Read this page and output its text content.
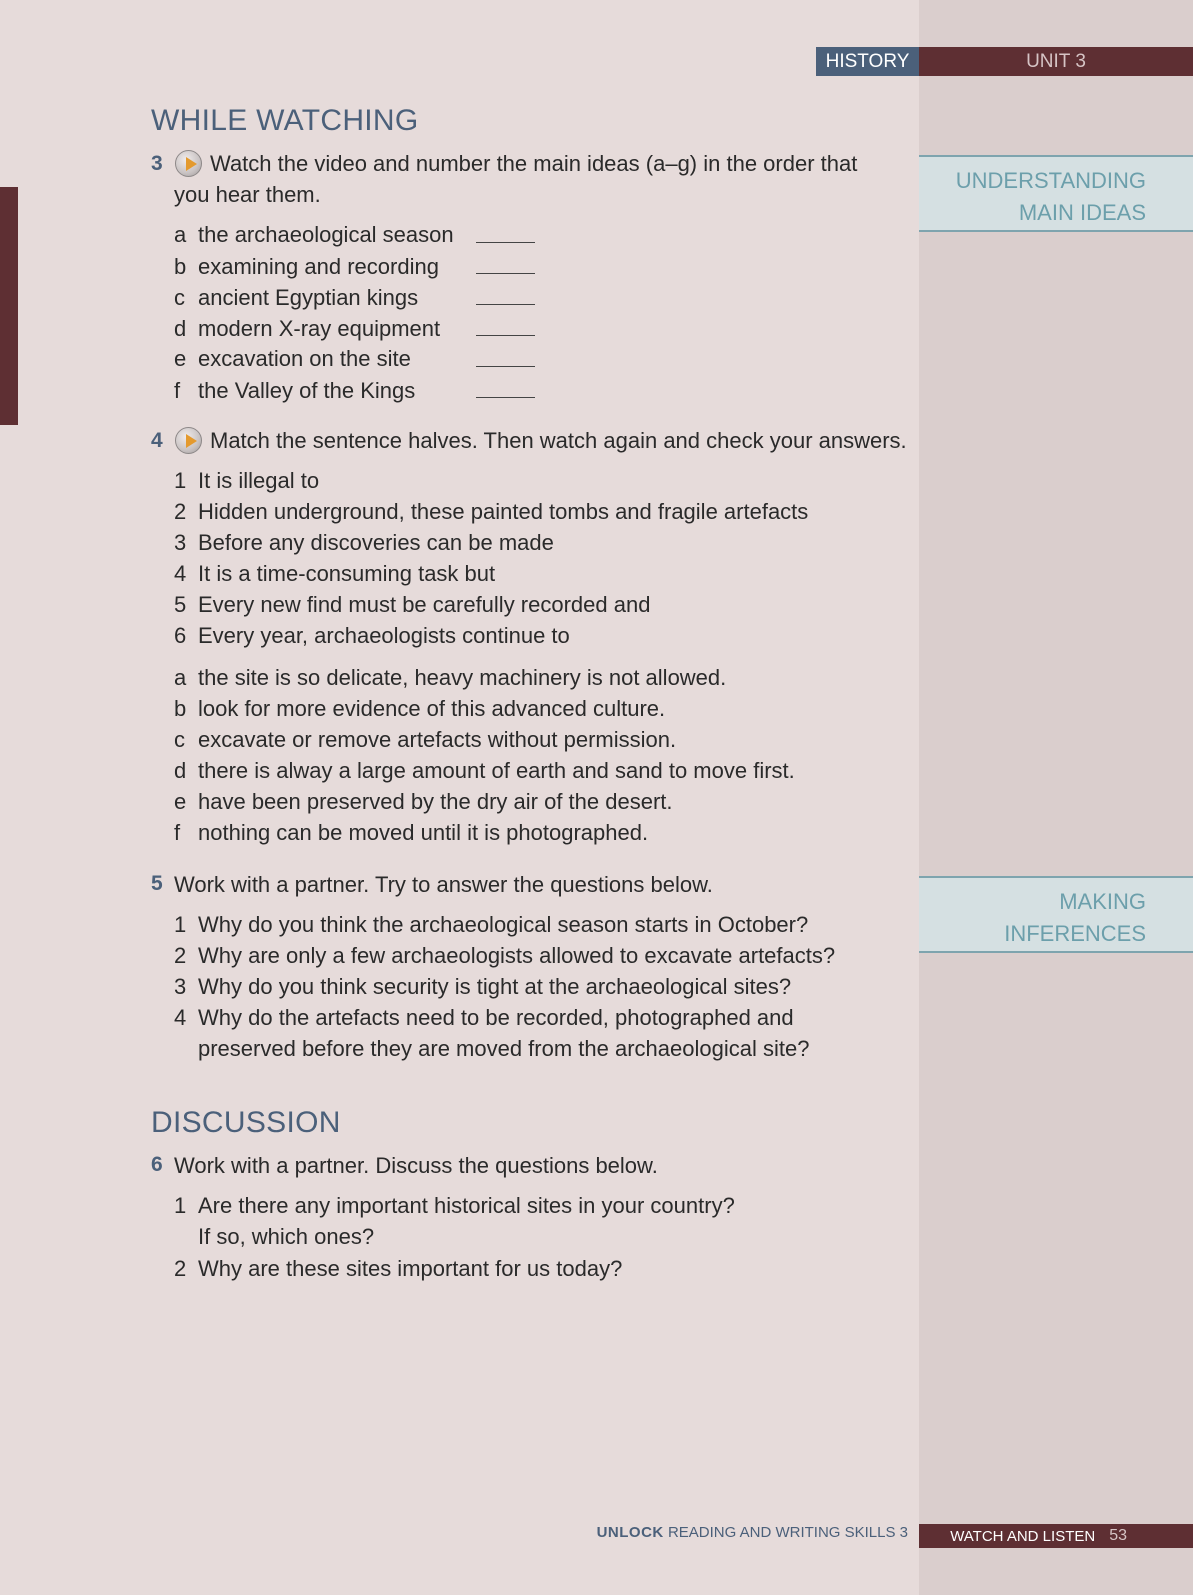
HISTORY	UNIT 3
UNDERSTANDING
MAIN IDEAS
MAKING
INFERENCES
WHILE WATCHING
3 Watch the video and number the main ideas (a–g) in the order that
you hear them.
a the archaeological season
b examining and recording
c ancient Egyptian kings
d modern X-ray equipment
e excavation on the site
f the Valley of the Kings
4 Match the sentence halves. Then watch again and check your answers.
1 It is illegal to
2 Hidden underground, these painted tombs and fragile artefacts
3 Before any discoveries can be made
4 It is a time-consuming task but
5 Every new find must be carefully recorded and
6 Every year, archaeologists continue to
a the site is so delicate, heavy machinery is not allowed.
b look for more evidence of this advanced culture.
c excavate or remove artefacts without permission.
d there is alway a large amount of earth and sand to move first.
e have been preserved by the dry air of the desert.
f nothing can be moved until it is photographed.
5 Work with a partner. Try to answer the questions below.
1 Why do you think the archaeological season starts in October?
2 Why are only a few archaeologists allowed to excavate artefacts?
3 Why do you think security is tight at the archaeological sites?
4 Why do the artefacts need to be recorded, photographed and
preserved before they are moved from the archaeological site?
DISCUSSION
6 Work with a partner. Discuss the questions below.
1 Are there any important historical sites in your country?
If so, which ones?
2 Why are these sites important for us today?
UNLOCK READING AND WRITING SKILLS 3	WATCH AND LISTEN 53
